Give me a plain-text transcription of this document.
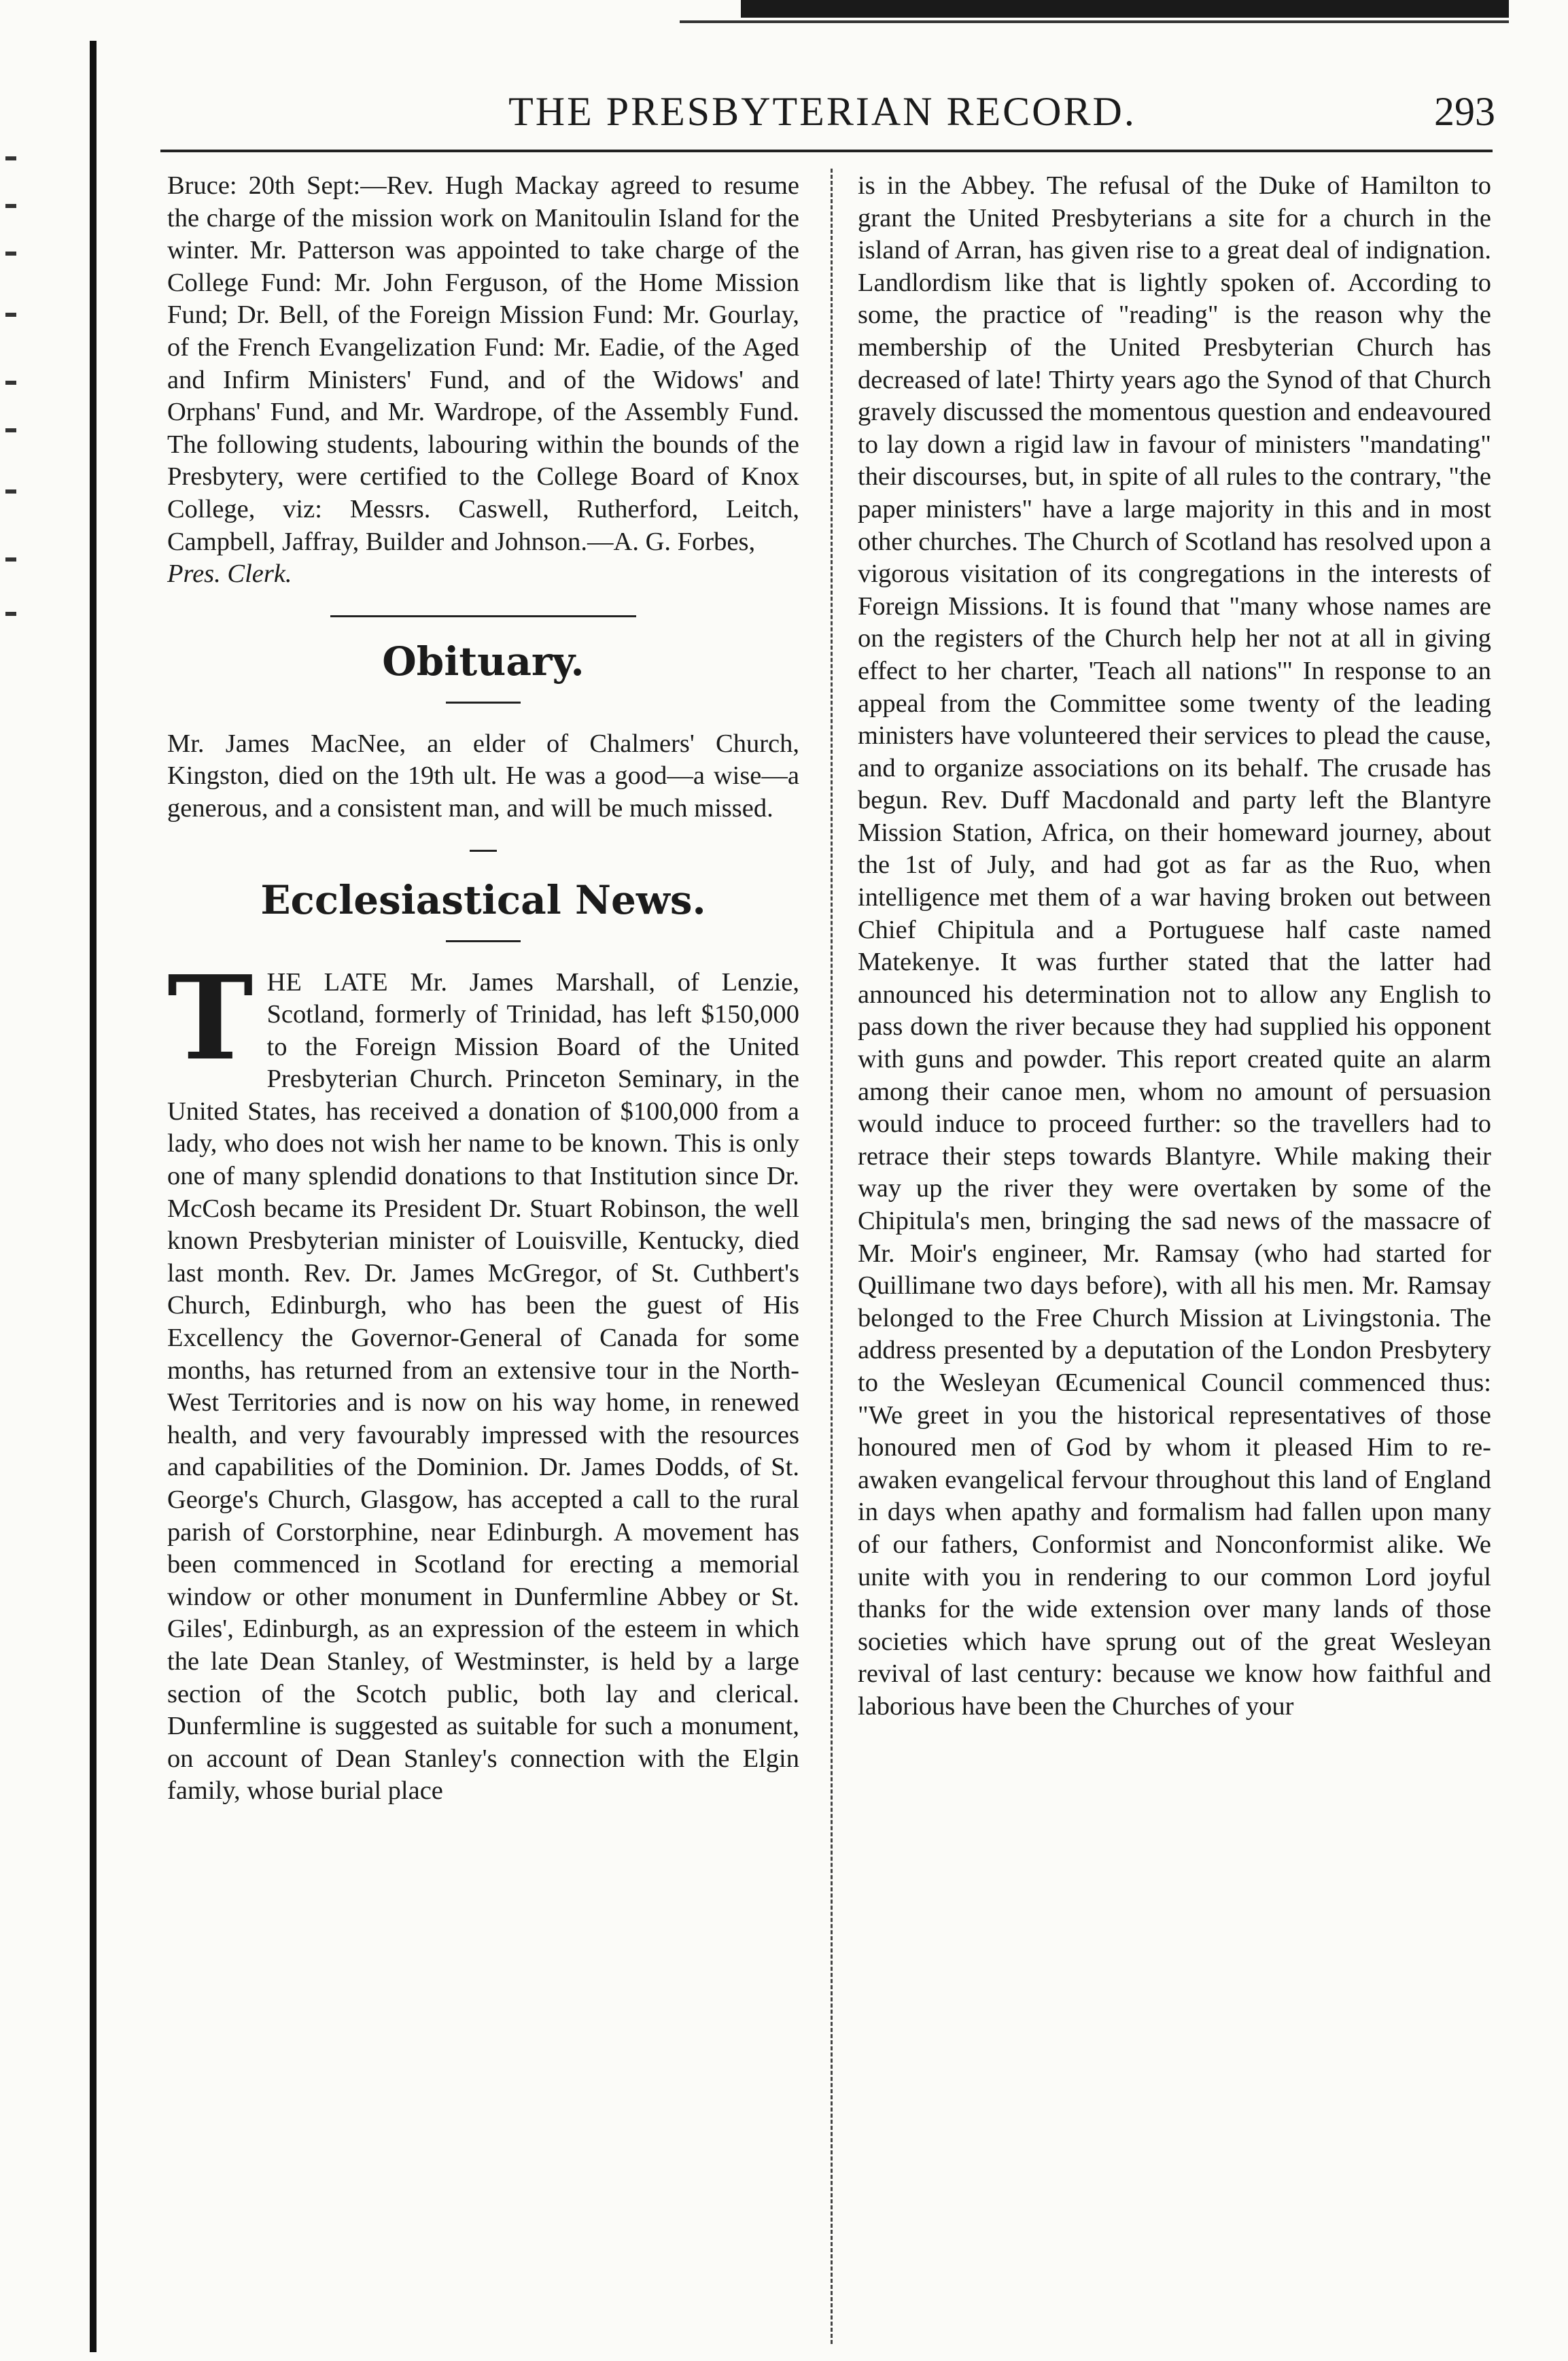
THE PRESBYTERIAN RECORD.	293

Bruce: 20th Sept:—Rev. Hugh Mackay agreed to resume the charge of the mission work on Manitoulin Island for the winter. Mr. Patterson was appointed to take charge of the College Fund: Mr. John Ferguson, of the Home Mission Fund; Dr. Bell, of the Foreign Mission Fund: Mr. Gourlay, of the French Evangelization Fund: Mr. Eadie, of the Aged and Infirm Ministers' Fund, and of the Widows' and Orphans' Fund, and Mr. Wardrope, of the Assembly Fund. The following students, labouring within the bounds of the Presbytery, were certified to the College Board of Knox College, viz: Messrs. Caswell, Rutherford, Leitch, Campbell, Jaffray, Builder and Johnson.—A. G. Forbes,

Pres. Clerk.

Obituary.

Mr. James MacNee, an elder of Chalmers' Church, Kingston, died on the 19th ult. He was a good—a wise—a generous, and a consistent man, and will be much missed.

Ecclesiastical News.
T HE LATE Mr. James Marshall, of Lenzie, Scotland, formerly of Trinidad, has left $150,000 to the Foreign Mission Board of the United Presbyterian Church. Princeton Seminary, in the United States, has received a donation of $100,000 from a lady, who does not wish her name to be known. This is only one of many splendid donations to that Institution since Dr. McCosh became its President Dr. Stuart Robinson, the well known Presbyterian minister of Louisville, Kentucky, died last month. Rev. Dr. James McGregor, of St. Cuthbert's Church, Edinburgh, who has been the guest of His Excellency the Governor-General of Canada for some months, has returned from an extensive tour in the North-West Territories and is now on his way home, in renewed health, and very favourably impressed with the resources and capabilities of the Dominion. Dr. James Dodds, of St. George's Church, Glasgow, has accepted a call to the rural parish of Corstorphine, near Edinburgh. A movement has been commenced in Scotland for erecting a memorial window or other monument in Dunfermline Abbey or St. Giles', Edinburgh, as an expression of the esteem in which the late Dean Stanley, of Westminster, is held by a large section of the Scotch public, both lay and clerical. Dunfermline is suggested as suitable for such a monument, on account of Dean Stanley's connection with the Elgin family, whose burial place

is in the Abbey. The refusal of the Duke of Hamilton to grant the United Presbyterians a site for a church in the island of Arran, has given rise to a great deal of indignation. Landlordism like that is lightly spoken of. According to some, the practice of "reading" is the reason why the membership of the United Presbyterian Church has decreased of late! Thirty years ago the Synod of that Church gravely discussed the momentous question and endeavoured to lay down a rigid law in favour of ministers "mandating" their discourses, but, in spite of all rules to the contrary, "the paper ministers" have a large majority in this and in most other churches. The Church of Scotland has resolved upon a vigorous visitation of its congregations in the interests of Foreign Missions. It is found that "many whose names are on the registers of the Church help her not at all in giving effect to her charter, 'Teach all nations'" In response to an appeal from the Committee some twenty of the leading ministers have volunteered their services to plead the cause, and to organize associations on its behalf. The crusade has begun. Rev. Duff Macdonald and party left the Blantyre Mission Station, Africa, on their homeward journey, about the 1st of July, and had got as far as the Ruo, when intelligence met them of a war having broken out between Chief Chipitula and a Portuguese half caste named Matekenye. It was further stated that the latter had announced his determination not to allow any English to pass down the river because they had supplied his opponent with guns and powder. This report created quite an alarm among their canoe men, whom no amount of persuasion would induce to proceed further: so the travellers had to retrace their steps towards Blantyre. While making their way up the river they were overtaken by some of the Chipitula's men, bringing the sad news of the massacre of Mr. Moir's engineer, Mr. Ramsay (who had started for Quillimane two days before), with all his men. Mr. Ramsay belonged to the Free Church Mission at Livingstonia. The address presented by a deputation of the London Presbytery to the Wesleyan Œcumenical Council commenced thus: "We greet in you the historical representatives of those honoured men of God by whom it pleased Him to re-awaken evangelical fervour throughout this land of England in days when apathy and formalism had fallen upon many of our fathers, Conformist and Nonconformist alike. We unite with you in rendering to our common Lord joyful thanks for the wide extension over many lands of those societies which have sprung out of the great Wesleyan revival of last century: because we know how faithful and laborious have been the Churches of your
